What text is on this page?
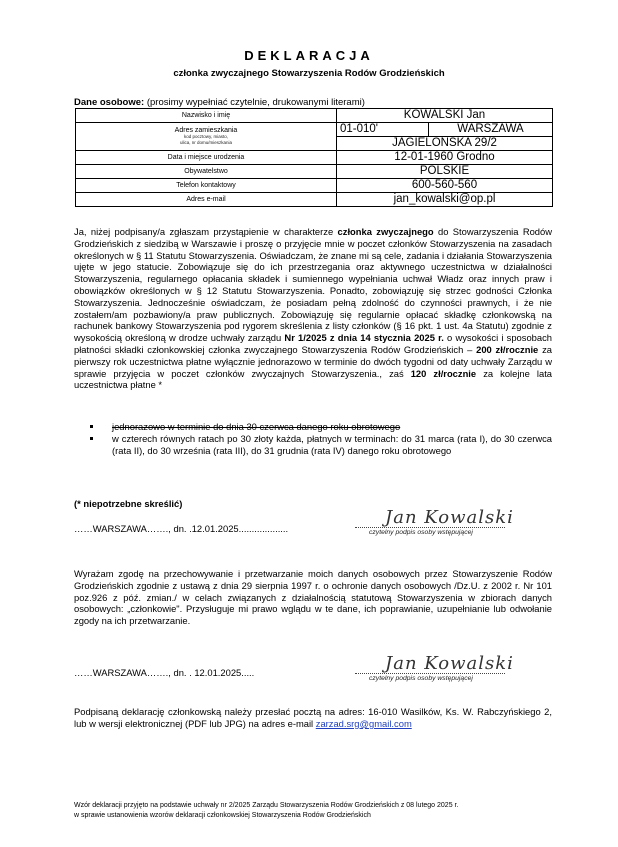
DEKLARACJA
członka zwyczajnego Stowarzyszenia Rodów Grodzieńskich
Dane osobowe: (prosimy wypełniać czytelnie, drukowanymi literami)
Nazwisko i imię	KOWALSKI Jan	
Adres zamieszkania
kod pocztowy, miasto,
ulica, nr domu/mieszkania	01-010'	WARSZAWA
	JAGIELONSKA 29/2	
Data i miejsce urodzenia	12-01-1960 Grodno	
Obywatelstwo	POLSKIE	
Telefon kontaktowy	600-560-560	
Adres e-mail	jan_kowalski@op.pl	
Ja, niżej podpisany/a zgłaszam przystąpienie w charakterze członka zwyczajnego do Stowarzyszenia Rodów Grodzieńskich z siedzibą w Warszawie i proszę o przyjęcie mnie w poczet członków Stowarzyszenia na zasadach określonych w § 11 Statutu Stowarzyszenia. Oświadczam, że znane mi są cele, zadania i działania Stowarzyszenia ujęte w jego statucie. Zobowiązuje się do ich przestrzegania oraz aktywnego uczestnictwa w działalności Stowarzyszenia, regularnego opłacania składek i sumiennego wypełniania uchwał Władz oraz innych praw i obowiązków określonych w § 12 Statutu Stowarzyszenia. Ponadto, zobowiązuję się strzec godności Członka Stowarzyszenia. Jednocześnie oświadczam, że posiadam pełną zdolność do czynności prawnych, i że nie zostałem/am pozbawiony/a praw publicznych. Zobowiązuję się regularnie opłacać składkę członkowską na rachunek bankowy Stowarzyszenia pod rygorem skreślenia z listy członków (§ 16 pkt. 1 ust. 4a Statutu) zgodnie z wysokością określoną w drodze uchwały zarządu Nr 1/2025 z dnia 14 stycznia 2025 r. o wysokości i sposobach płatności składki członkowskiej członka zwyczajnego Stowarzyszenia Rodów Grodzieńskich – 200 zł/rocznie za pierwszy rok uczestnictwa płatne wyłącznie jednorazowo w terminie do dwóch tygodni od daty uchwały Zarządu w sprawie przyjęcia w poczet członków zwyczajnych Stowarzyszenia., zaś 120 zł/rocznie za kolejne lata uczestnictwa płatne *
jednorazowo w terminie do dnia 30 czerwca danego roku obrotowego
w czterech równych ratach po 30 złoty każda, płatnych w terminach: do 31 marca (rata I), do 30 czerwca (rata II), do 30 września (rata III), do 31 grudnia (rata IV) danego roku obrotowego
(* niepotrzebne skreślić)
……WARSZAWA……., dn. .12.01.2025...................
Jan Kowalski
czytelny podpis osoby wstępującej
Wyrażam zgodę na przechowywanie i przetwarzanie moich danych osobowych przez Stowarzyszenie Rodów Grodzieńskich zgodnie z ustawą z dnia 29 sierpnia 1997 r. o ochronie danych osobowych /Dz.U. z 2002 r. Nr 101 poz.926 z póź. zmian./ w celach związanych z działalnością statutową Stowarzyszenia w zbiorach danych osobowych: „członkowie". Przysługuje mi prawo wglądu w te dane, ich poprawianie, uzupełnianie lub odwołanie zgody na ich przetwarzanie.
……WARSZAWA……., dn. . 12.01.2025.....	Jan Kowalski
czytelny podpis osoby wstępującej
Podpisaną deklarację członkowską należy przesłać pocztą na adres: 16-010 Wasilków, Ks. W. Rabczyńskiego 2, lub w wersji elektronicznej (PDF lub JPG) na adres e-mail zarzad.srg@gmail.com
Wzór deklaracji przyjęto na podstawie uchwały nr 2/2025 Zarządu Stowarzyszenia Rodów Grodzieńskich z 08 lutego 2025 r.
w sprawie ustanowienia wzorów deklaracji członkowskiej Stowarzyszenia Rodów Grodzieńskich
